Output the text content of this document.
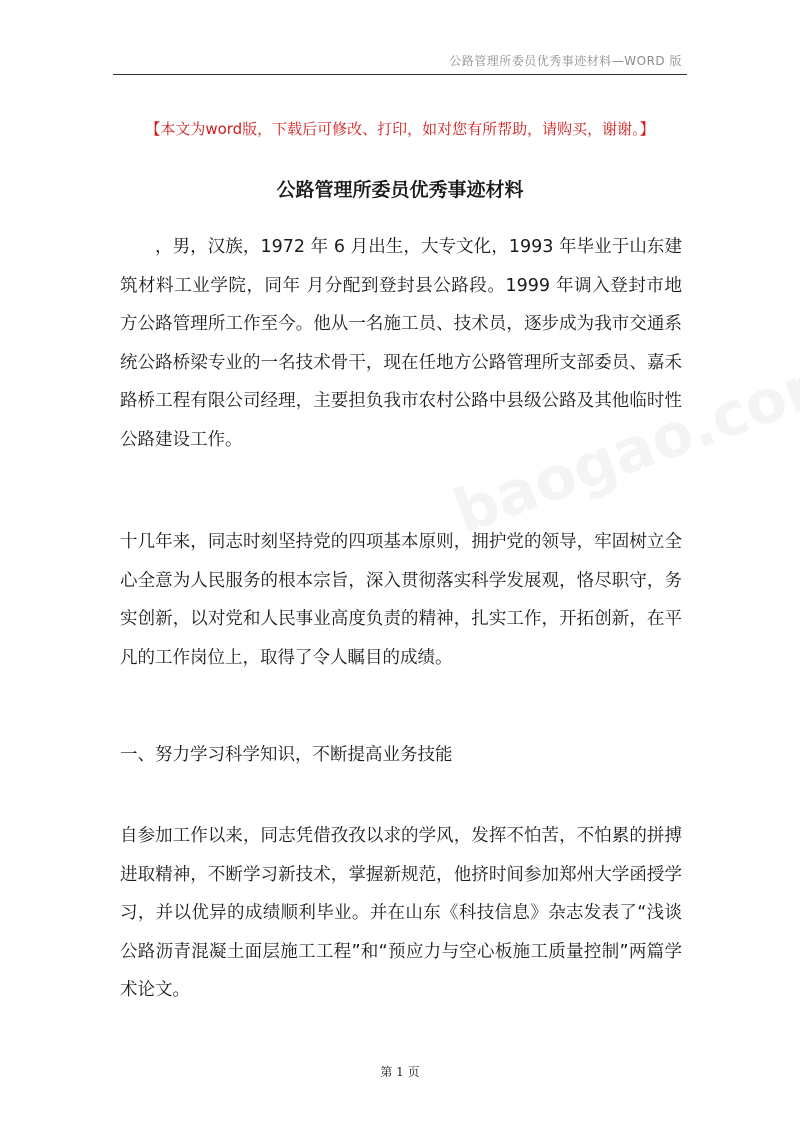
公路管理所委员优秀事迹材料—WORD 版
【本文为word版，下载后可修改、打印，如对您有所帮助，请购买，谢谢。】
公路管理所委员优秀事迹材料

，男，汉族，1972 年 6 月出生，大专文化，1993 年毕业于山东建筑材料工业学院，同年 月分配到登封县公路段。1999 年调入登封市地方公路管理所工作至今。他从一名施工员、技术员，逐步成为我市交通系统公路桥梁专业的一名技术骨干，现在任地方公路管理所支部委员、嘉禾路桥工程有限公司经理，主要担负我市农村公路中县级公路及其他临时性公路建设工作。

十几年来，同志时刻坚持党的四项基本原则，拥护党的领导，牢固树立全心全意为人民服务的根本宗旨，深入贯彻落实科学发展观，恪尽职守，务实创新，以对党和人民事业高度负责的精神，扎实工作，开拓创新，在平凡的工作岗位上，取得了令人瞩目的成绩。

一、努力学习科学知识，不断提高业务技能

自参加工作以来，同志凭借孜孜以求的学风，发挥不怕苦，不怕累的拼搏进取精神，不断学习新技术，掌握新规范，他挤时间参加郑州大学函授学习，并以优异的成绩顺利毕业。并在山东《科技信息》杂志发表了“浅谈公路沥青混凝土面层施工工程”和“预应力与空心板施工质量控制”两篇学术论文。

第 1 页
